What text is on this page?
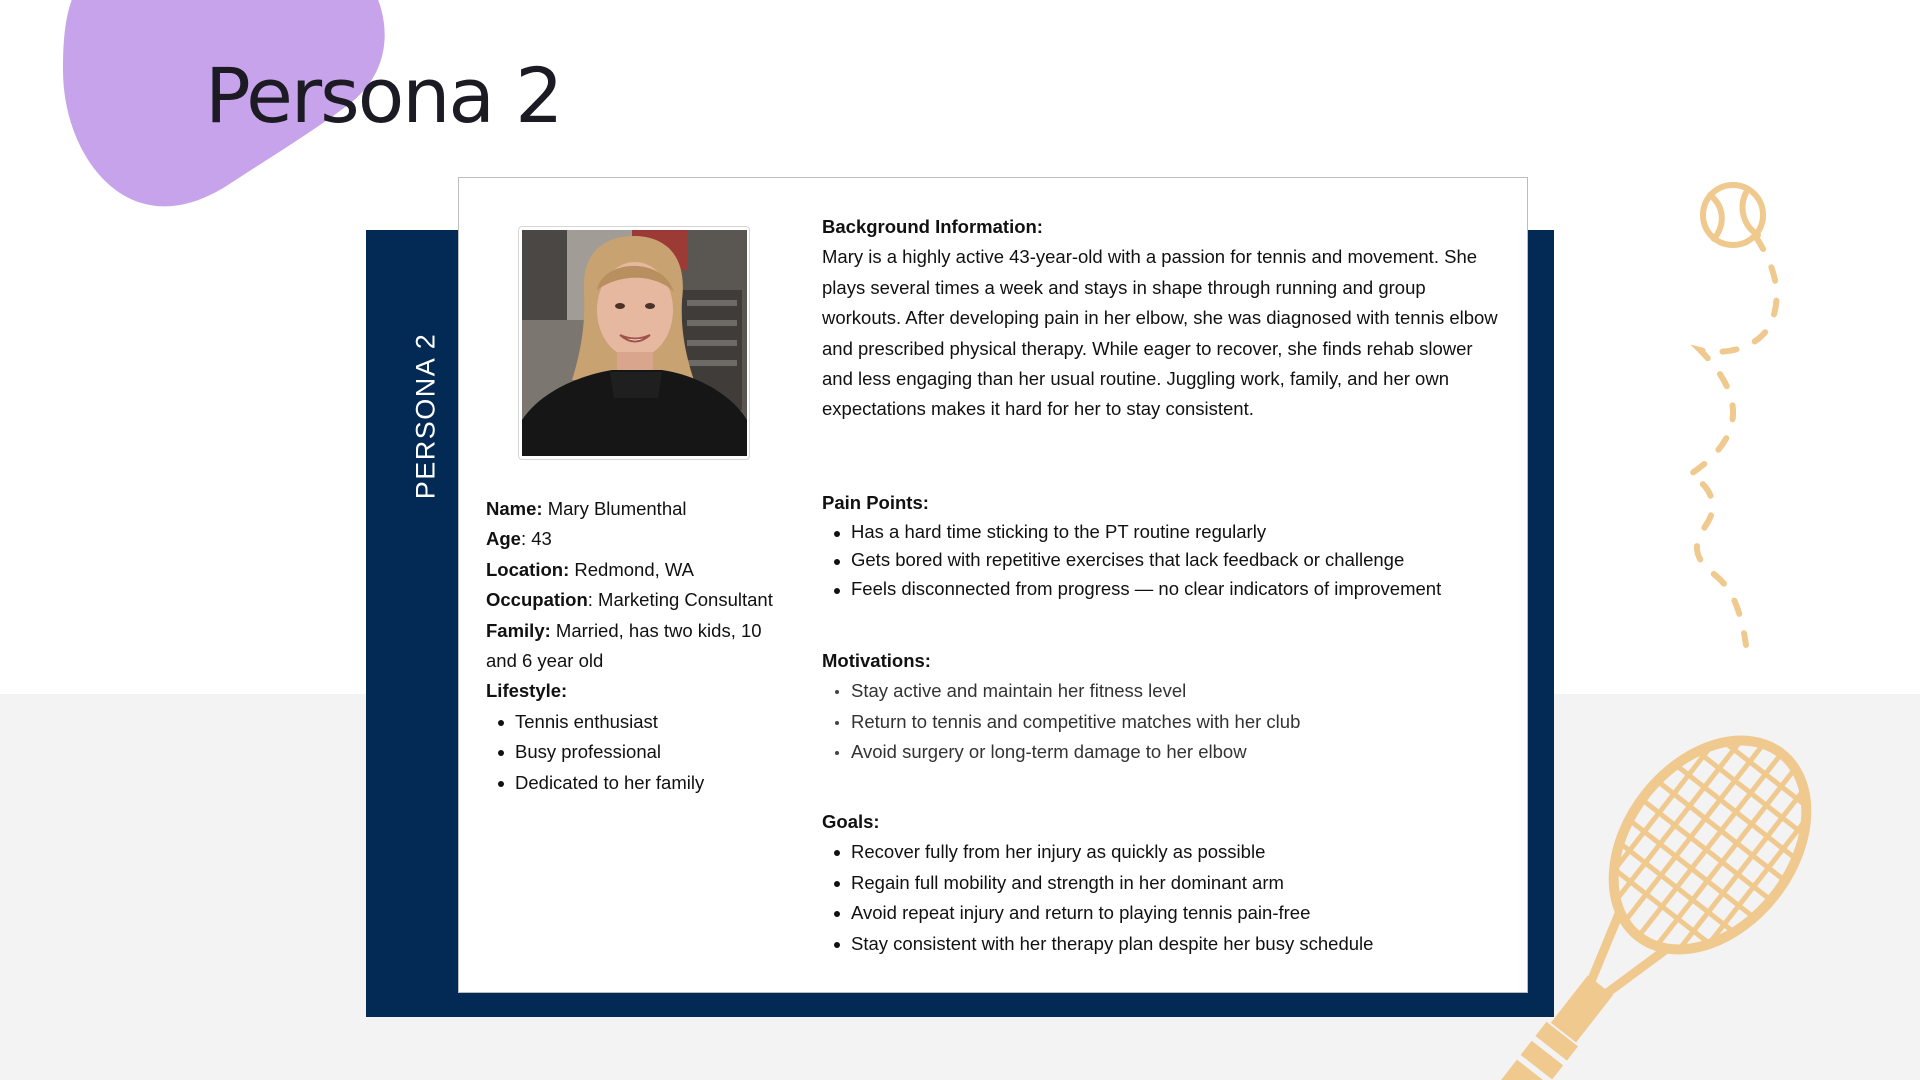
Persona 2
PERSONA 2

Name: Mary Blumenthal

Age: 43

Location: Redmond, WA

Occupation: Marketing Consultant

Family: Married, has two kids, 10 and 6 year old

Lifestyle:

Tennis enthusiast
Busy professional
Dedicated to her family

Background Information:

Mary is a highly active 43-year-old with a passion for tennis and movement. She plays several times a week and stays in shape through running and group workouts. After developing pain in her elbow, she was diagnosed with tennis elbow and prescribed physical therapy. While eager to recover, she finds rehab slower and less engaging than her usual routine. Juggling work, family, and her own expectations makes it hard for her to stay consistent.

Pain Points:

Has a hard time sticking to the PT routine regularly
Gets bored with repetitive exercises that lack feedback or challenge
Feels disconnected from progress — no clear indicators of improvement

Motivations:

Stay active and maintain her fitness level
Return to tennis and competitive matches with her club
Avoid surgery or long-term damage to her elbow

Goals:

Recover fully from her injury as quickly as possible
Regain full mobility and strength in her dominant arm
Avoid repeat injury and return to playing tennis pain-free
Stay consistent with her therapy plan despite her busy schedule
